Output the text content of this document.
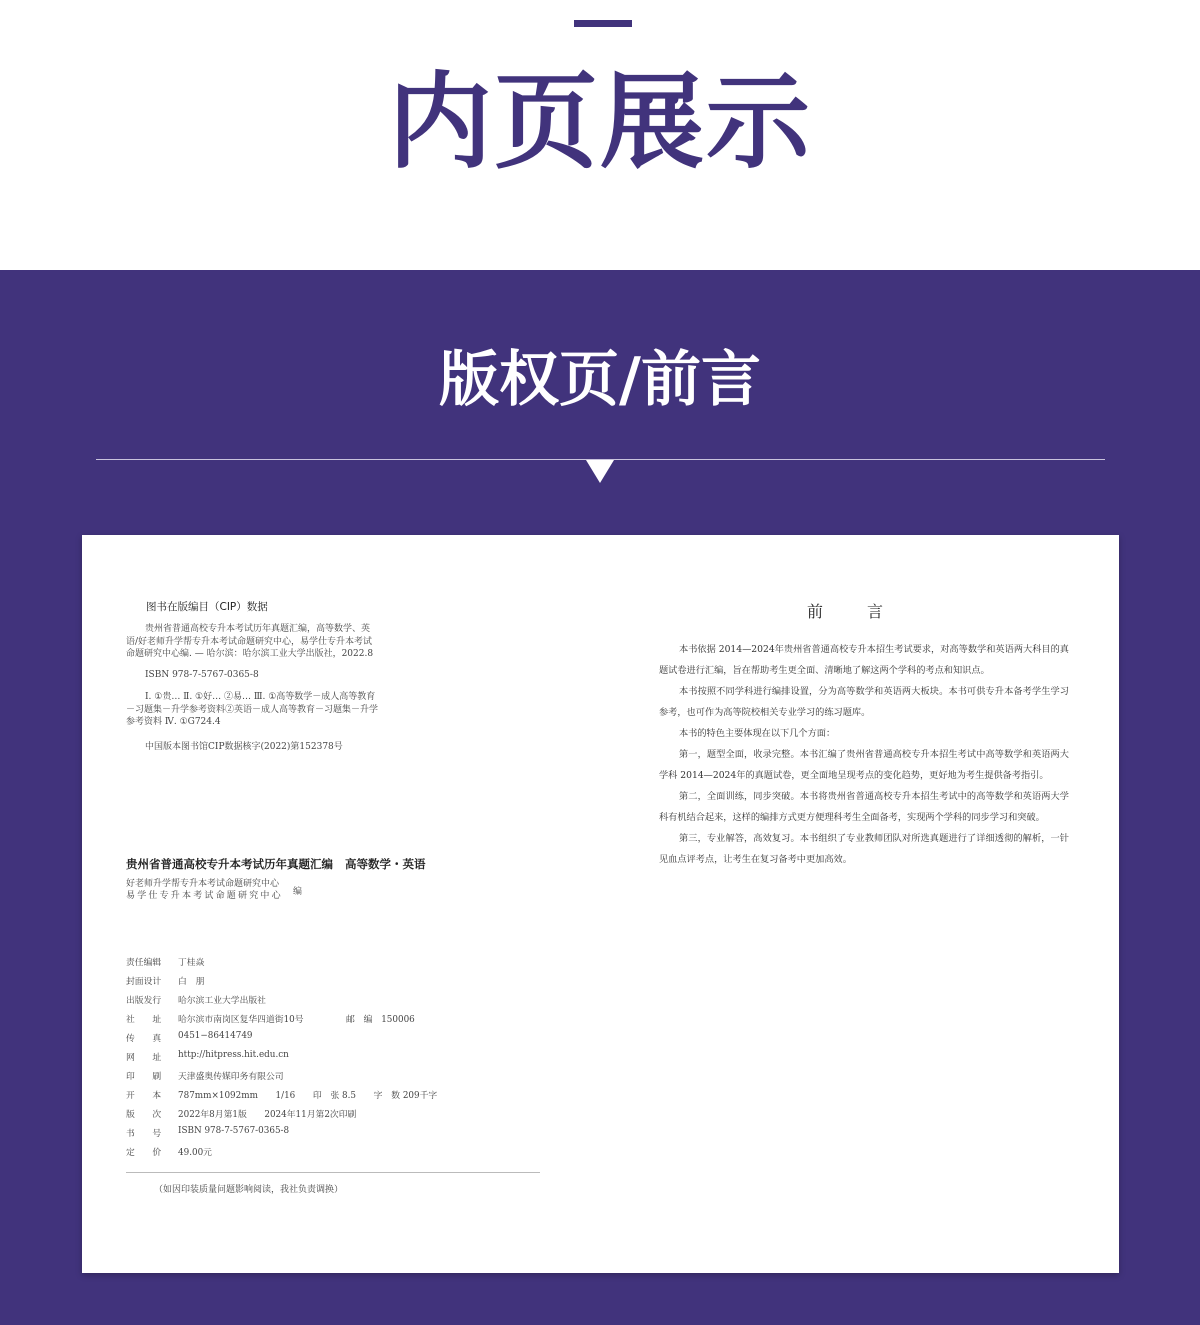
内页展示
版权页/前言
图书在版编目（CIP）数据
贵州省普通高校专升本考试历年真题汇编，高等数学、英语/好老师升学帮专升本考试命题研究中心，易学仕专升本考试命题研究中心编. — 哈尔滨：哈尔滨工业大学出版社，2022.8
ISBN 978-7-5767-0365-8
Ⅰ. ①贵… Ⅱ. ①好… ②易… Ⅲ. ①高等数学－成人高等教育－习题集－升学参考资料②英语－成人高等教育－习题集－升学参考资料 Ⅳ. ①G724.4
中国版本图书馆CIP数据核字(2022)第152378号
贵州省普通高校专升本考试历年真题汇编 高等数学・英语
好老师升学帮专升本考试命题研究中心
易学仕专升本考试命题研究中心 编
责任编辑	丁桂焱
封面设计	白　朋
出版发行	哈尔滨工业大学出版社
社　　址	哈尔滨市南岗区复华四道街10号	邮　编　150006
传　　真	0451−86414749
网　　址	http://hitpress.hit.edu.cn
印　　刷	天津盛奥传媒印务有限公司
开　　本	787mm×1092mm　　1/16　　印　张 8.5　　字　数 209千字
版　　次	2022年8月第1版　　2024年11月第2次印刷
书　　号	ISBN 978-7-5767-0365-8
定　　价	49.00元
（如因印装质量问题影响阅读，我社负责调换）
前　言

本书依据 2014—2024年贵州省普通高校专升本招生考试要求，对高等数学和英语两大科目的真题试卷进行汇编，旨在帮助考生更全面、清晰地了解这两个学科的考点和知识点。

本书按照不同学科进行编排设置，分为高等数学和英语两大板块。本书可供专升本备考学生学习参考，也可作为高等院校相关专业学习的练习题库。

本书的特色主要体现在以下几个方面：

第一，题型全面，收录完整。本书汇编了贵州省普通高校专升本招生考试中高等数学和英语两大学科 2014—2024年的真题试卷，更全面地呈现考点的变化趋势，更好地为考生提供备考指引。

第二，全面训练，同步突破。本书将贵州省普通高校专升本招生考试中的高等数学和英语两大学科有机结合起来，这样的编排方式更方便理科考生全面备考，实现两个学科的同步学习和突破。

第三，专业解答，高效复习。本书组织了专业教师团队对所选真题进行了详细透彻的解析，一针见血点评考点，让考生在复习备考中更加高效。
